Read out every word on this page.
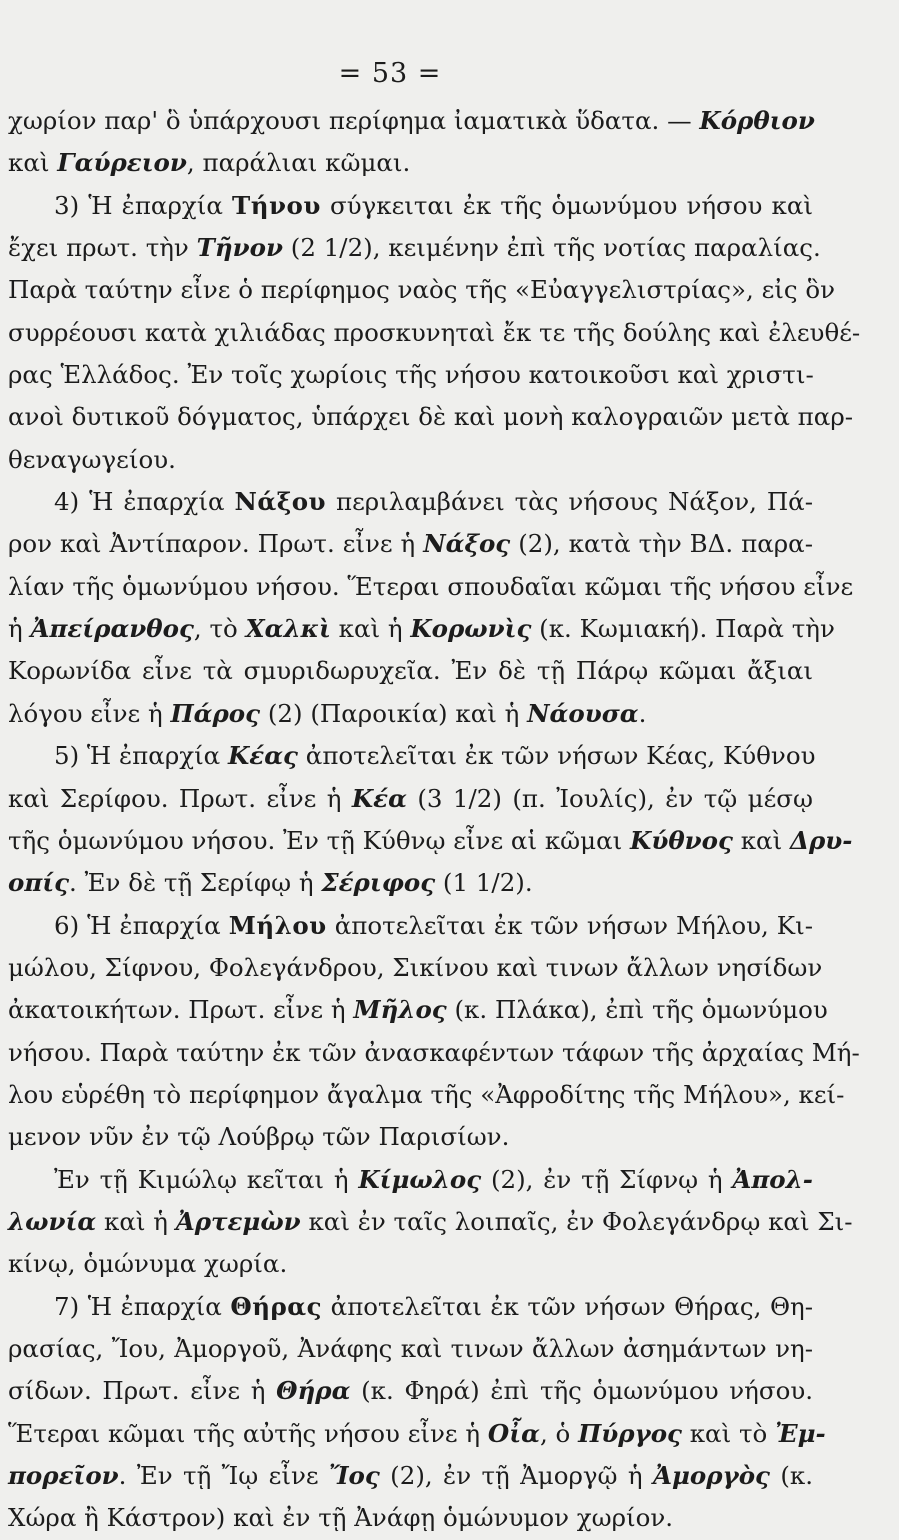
= 53 =
χωρίον παρ' ὃ ὑπάρχουσι περίφημα ἰαματικὰ ὕδατα. — Κόρθιον
καὶ Γαύρειον, παράλιαι κῶμαι.
3) Ἡ ἐπαρχία Τήνου σύγκειται ἐκ τῆς ὁμωνύμου νήσου καὶ
ἔχει πρωτ. τὴν Τῆνον (2 1/2), κειμένην ἐπὶ τῆς νοτίας παραλίας.
Παρὰ ταύτην εἶνε ὁ περίφημος ναὸς τῆς «Εὐαγγελιστρίας», εἰς ὃν
συρρέουσι κατὰ χιλιάδας προσκυνηταὶ ἔκ τε τῆς δούλης καὶ ἐλευθέ-
ρας Ἑλλάδος. Ἐν τοῖς χωρίοις τῆς νήσου κατοικοῦσι καὶ χριστι-
ανοὶ δυτικοῦ δόγματος, ὑπάρχει δὲ καὶ μονὴ καλογραιῶν μετὰ παρ-
θεναγωγείου.
4) Ἡ ἐπαρχία Νάξου περιλαμβάνει τὰς νήσους Νάξον, Πά-
ρον καὶ Ἀντίπαρον. Πρωτ. εἶνε ἡ Νάξος (2), κατὰ τὴν ΒΔ. παρα-
λίαν τῆς ὁμωνύμου νήσου. Ἕτεραι σπουδαῖαι κῶμαι τῆς νήσου εἶνε
ἡ Ἀπείρανθος, τὸ Χαλκὶ καὶ ἡ Κορωνὶς (κ. Κωμιακή). Παρὰ τὴν
Κορωνίδα εἶνε τὰ σμυριδωρυχεῖα. Ἐν δὲ τῇ Πάρῳ κῶμαι ἄξιαι
λόγου εἶνε ἡ Πάρος (2) (Παροικία) καὶ ἡ Νάουσα.
5) Ἡ ἐπαρχία Κέας ἀποτελεῖται ἐκ τῶν νήσων Κέας, Κύθνου
καὶ Σερίφου. Πρωτ. εἶνε ἡ Κέα (3 1/2) (π. Ἰουλίς), ἐν τῷ μέσῳ
τῆς ὁμωνύμου νήσου. Ἐν τῇ Κύθνῳ εἶνε αἱ κῶμαι Κύθνος καὶ Δρυ-
οπίς. Ἐν δὲ τῇ Σερίφῳ ἡ Σέριφος (1 1/2).
6) Ἡ ἐπαρχία Μήλου ἀποτελεῖται ἐκ τῶν νήσων Μήλου, Κι-
μώλου, Σίφνου, Φολεγάνδρου, Σικίνου καὶ τινων ἄλλων νησίδων
ἀκατοικήτων. Πρωτ. εἶνε ἡ Μῆλος (κ. Πλάκα), ἐπὶ τῆς ὁμωνύμου
νήσου. Παρὰ ταύτην ἐκ τῶν ἀνασκαφέντων τάφων τῆς ἀρχαίας Μή-
λου εὑρέθη τὸ περίφημον ἄγαλμα τῆς «Ἀφροδίτης τῆς Μήλου», κεί-
μενον νῦν ἐν τῷ Λούβρῳ τῶν Παρισίων.
Ἐν τῇ Κιμώλῳ κεῖται ἡ Κίμωλος (2), ἐν τῇ Σίφνῳ ἡ Ἀπολ-
λωνία καὶ ἡ Ἀρτεμὼν καὶ ἐν ταῖς λοιπαῖς, ἐν Φολεγάνδρῳ καὶ Σι-
κίνῳ, ὁμώνυμα χωρία.
7) Ἡ ἐπαρχία Θήρας ἀποτελεῖται ἐκ τῶν νήσων Θήρας, Θη-
ρασίας, Ἴου, Ἀμοργοῦ, Ἀνάφης καὶ τινων ἄλλων ἀσημάντων νη-
σίδων. Πρωτ. εἶνε ἡ Θήρα (κ. Φηρά) ἐπὶ τῆς ὁμωνύμου νήσου.
Ἕτεραι κῶμαι τῆς αὐτῆς νήσου εἶνε ἡ Οἶα, ὁ Πύργος καὶ τὸ Ἐμ-
πορεῖον. Ἐν τῇ Ἴῳ εἶνε Ἴος (2), ἐν τῇ Ἀμοργῷ ἡ Ἀμοργὸς (κ.
Χώρα ἢ Κάστρον) καὶ ἐν τῇ Ἀνάφῃ ὁμώνυμον χωρίον.
